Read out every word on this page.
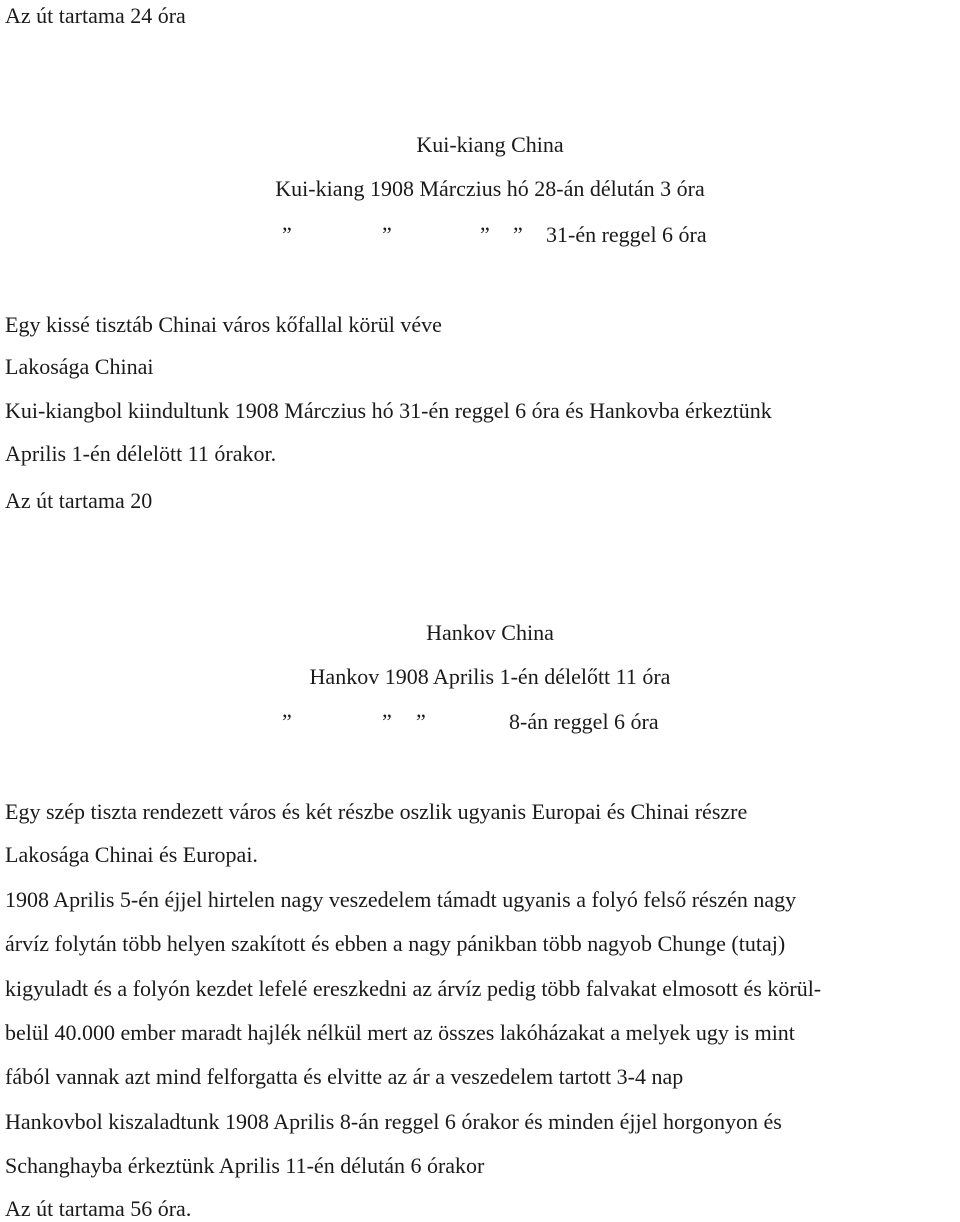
Az út tartama 24 óra
Kui-kiang China
Kui-kiang 1908 Márczius hó 28-án délután 3 óra
”	”	” ” 31-én reggel 6 óra
Egy kissé tisztáb Chinai város kőfallal körül véve
Lakosága Chinai
Kui-kiangbol kiindultunk 1908 Márczius hó 31-én reggel 6 óra és Hankovba érkeztünk
Aprilis 1-én délelött 11 órakor.
Az út tartama 20
Hankov China
Hankov 1908 Aprilis 1-én délelőtt 11 óra
”	” ”	8-án reggel 6 óra
Egy szép tiszta rendezett város és két részbe oszlik ugyanis Europai és Chinai részre
Lakosága Chinai és Europai.
1908 Aprilis 5-én éjjel hirtelen nagy veszedelem támadt ugyanis a folyó felső részén nagy
árvíz folytán több helyen szakított és ebben a nagy pánikban több nagyob Chunge (tutaj)
kigyuladt és a folyón kezdet lefelé ereszkedni az árvíz pedig több falvakat elmosott és körül-
belül 40.000 ember maradt hajlék nélkül mert az összes lakóházakat a melyek ugy is mint
fából vannak azt mind felforgatta és elvitte az ár a veszedelem tartott 3-4 nap
Hankovbol kiszaladtunk 1908 Aprilis 8-án reggel 6 órakor és minden éjjel horgonyon és
Schanghayba érkeztünk Aprilis 11-én délután 6 órakor
Az út tartama 56 óra.
